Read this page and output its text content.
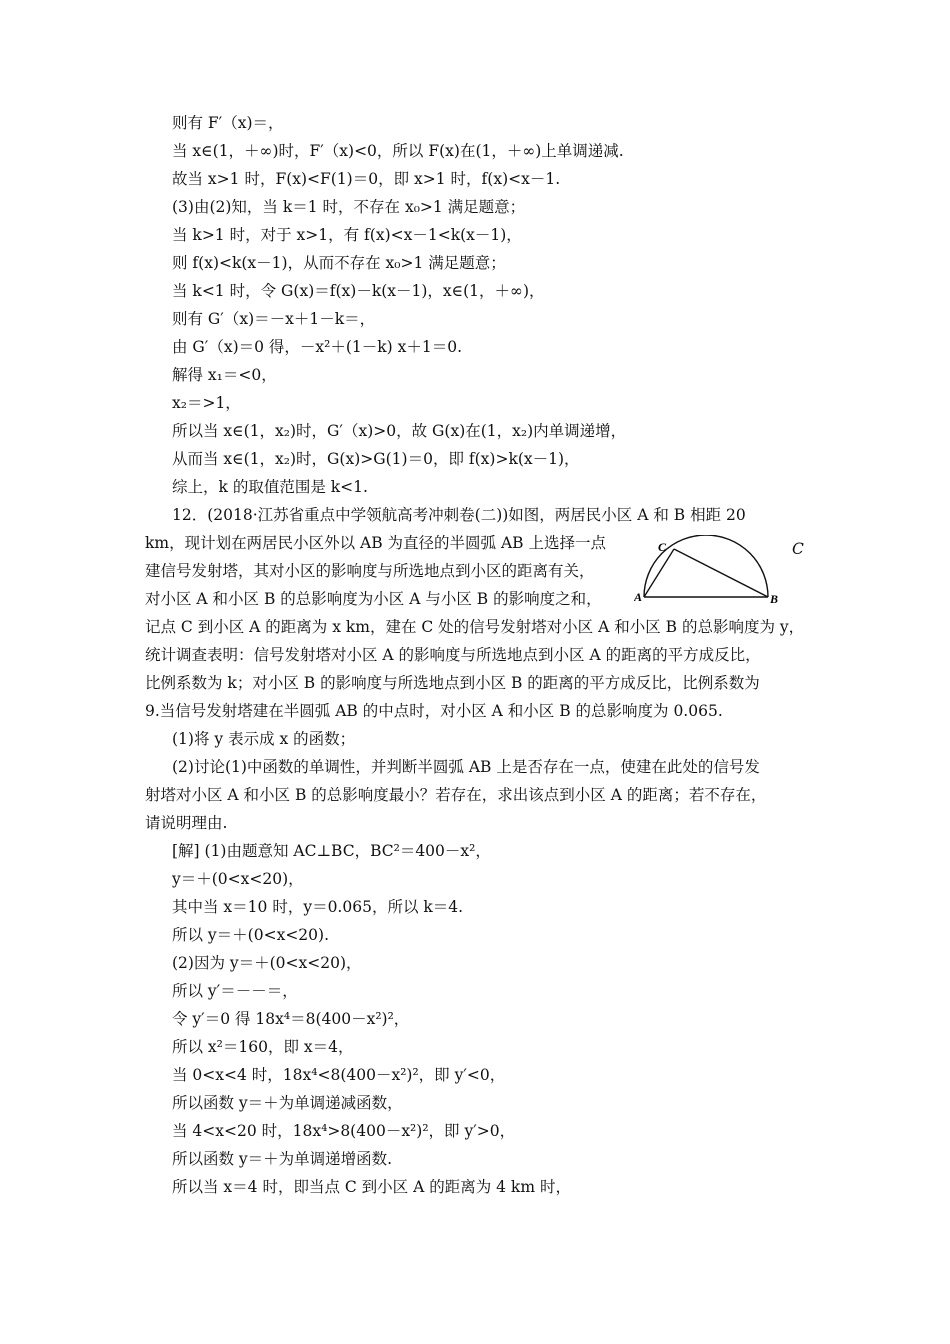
则有 F′（x)＝，
当 x∈(1，＋∞)时，F′（x)<0，所以 F(x)在(1，＋∞)上单调递减.
故当 x>1 时，F(x)<F(1)＝0，即 x>1 时，f(x)<x－1.
(3)由(2)知，当 k＝1 时，不存在 x₀>1 满足题意；
当 k>1 时，对于 x>1，有 f(x)<x－1<k(x－1)，
则 f(x)<k(x－1)，从而不存在 x₀>1 满足题意；
当 k<1 时，令 G(x)＝f(x)－k(x－1)，x∈(1，＋∞)，
则有 G′（x)＝－x＋1－k＝，
由 G′（x)＝0 得，－x²＋(1－k) x＋1＝0.
解得 x₁＝<0，
x₂＝>1，
所以当 x∈(1，x₂)时，G′（x)>0，故 G(x)在(1，x₂)内单调递增，
从而当 x∈(1，x₂)时，G(x)>G(1)＝0，即 f(x)>k(x－1)，
综上，k 的取值范围是 k<1.
12．(2018·江苏省重点中学领航高考冲刺卷(二))如图，两居民小区 A 和 B 相距 20
km，现计划在两居民小区外以 AB 为直径的半圆弧 AB 上选择一点
建信号发射塔，其对小区的影响度与所选地点到小区的距离有关，
对小区 A 和小区 B 的总影响度为小区 A 与小区 B 的影响度之和，
记点 C 到小区 A 的距离为 x km，建在 C 处的信号发射塔对小区 A 和小区 B 的总影响度为 y，
统计调查表明：信号发射塔对小区 A 的影响度与所选地点到小区 A 的距离的平方成反比，
比例系数为 k；对小区 B 的影响度与所选地点到小区 B 的距离的平方成反比，比例系数为
9.当信号发射塔建在半圆弧 AB 的中点时，对小区 A 和小区 B 的总影响度为 0.065.
(1)将 y 表示成 x 的函数；
(2)讨论(1)中函数的单调性，并判断半圆弧 AB 上是否存在一点，使建在此处的信号发
射塔对小区 A 和小区 B 的总影响度最小？若存在，求出该点到小区 A 的距离；若不存在，
请说明理由.
[解] (1)由题意知 AC⊥BC，BC²＝400－x²，
y＝＋(0<x<20)，
其中当 x＝10 时，y＝0.065，所以 k＝4.
所以 y＝＋(0<x<20).
(2)因为 y＝＋(0<x<20)，
所以 y′＝－－＝，
令 y′＝0 得 18x⁴＝8(400－x²)²，
所以 x²＝160，即 x＝4，
当 0<x<4 时，18x⁴<8(400－x²)²，即 y′<0，
所以函数 y＝＋为单调递减函数，
当 4<x<20 时，18x⁴>8(400－x²)²，即 y′>0，
所以函数 y＝＋为单调递增函数.
所以当 x＝4 时，即当点 C 到小区 A 的距离为 4 km 时，
A	B
C	C
